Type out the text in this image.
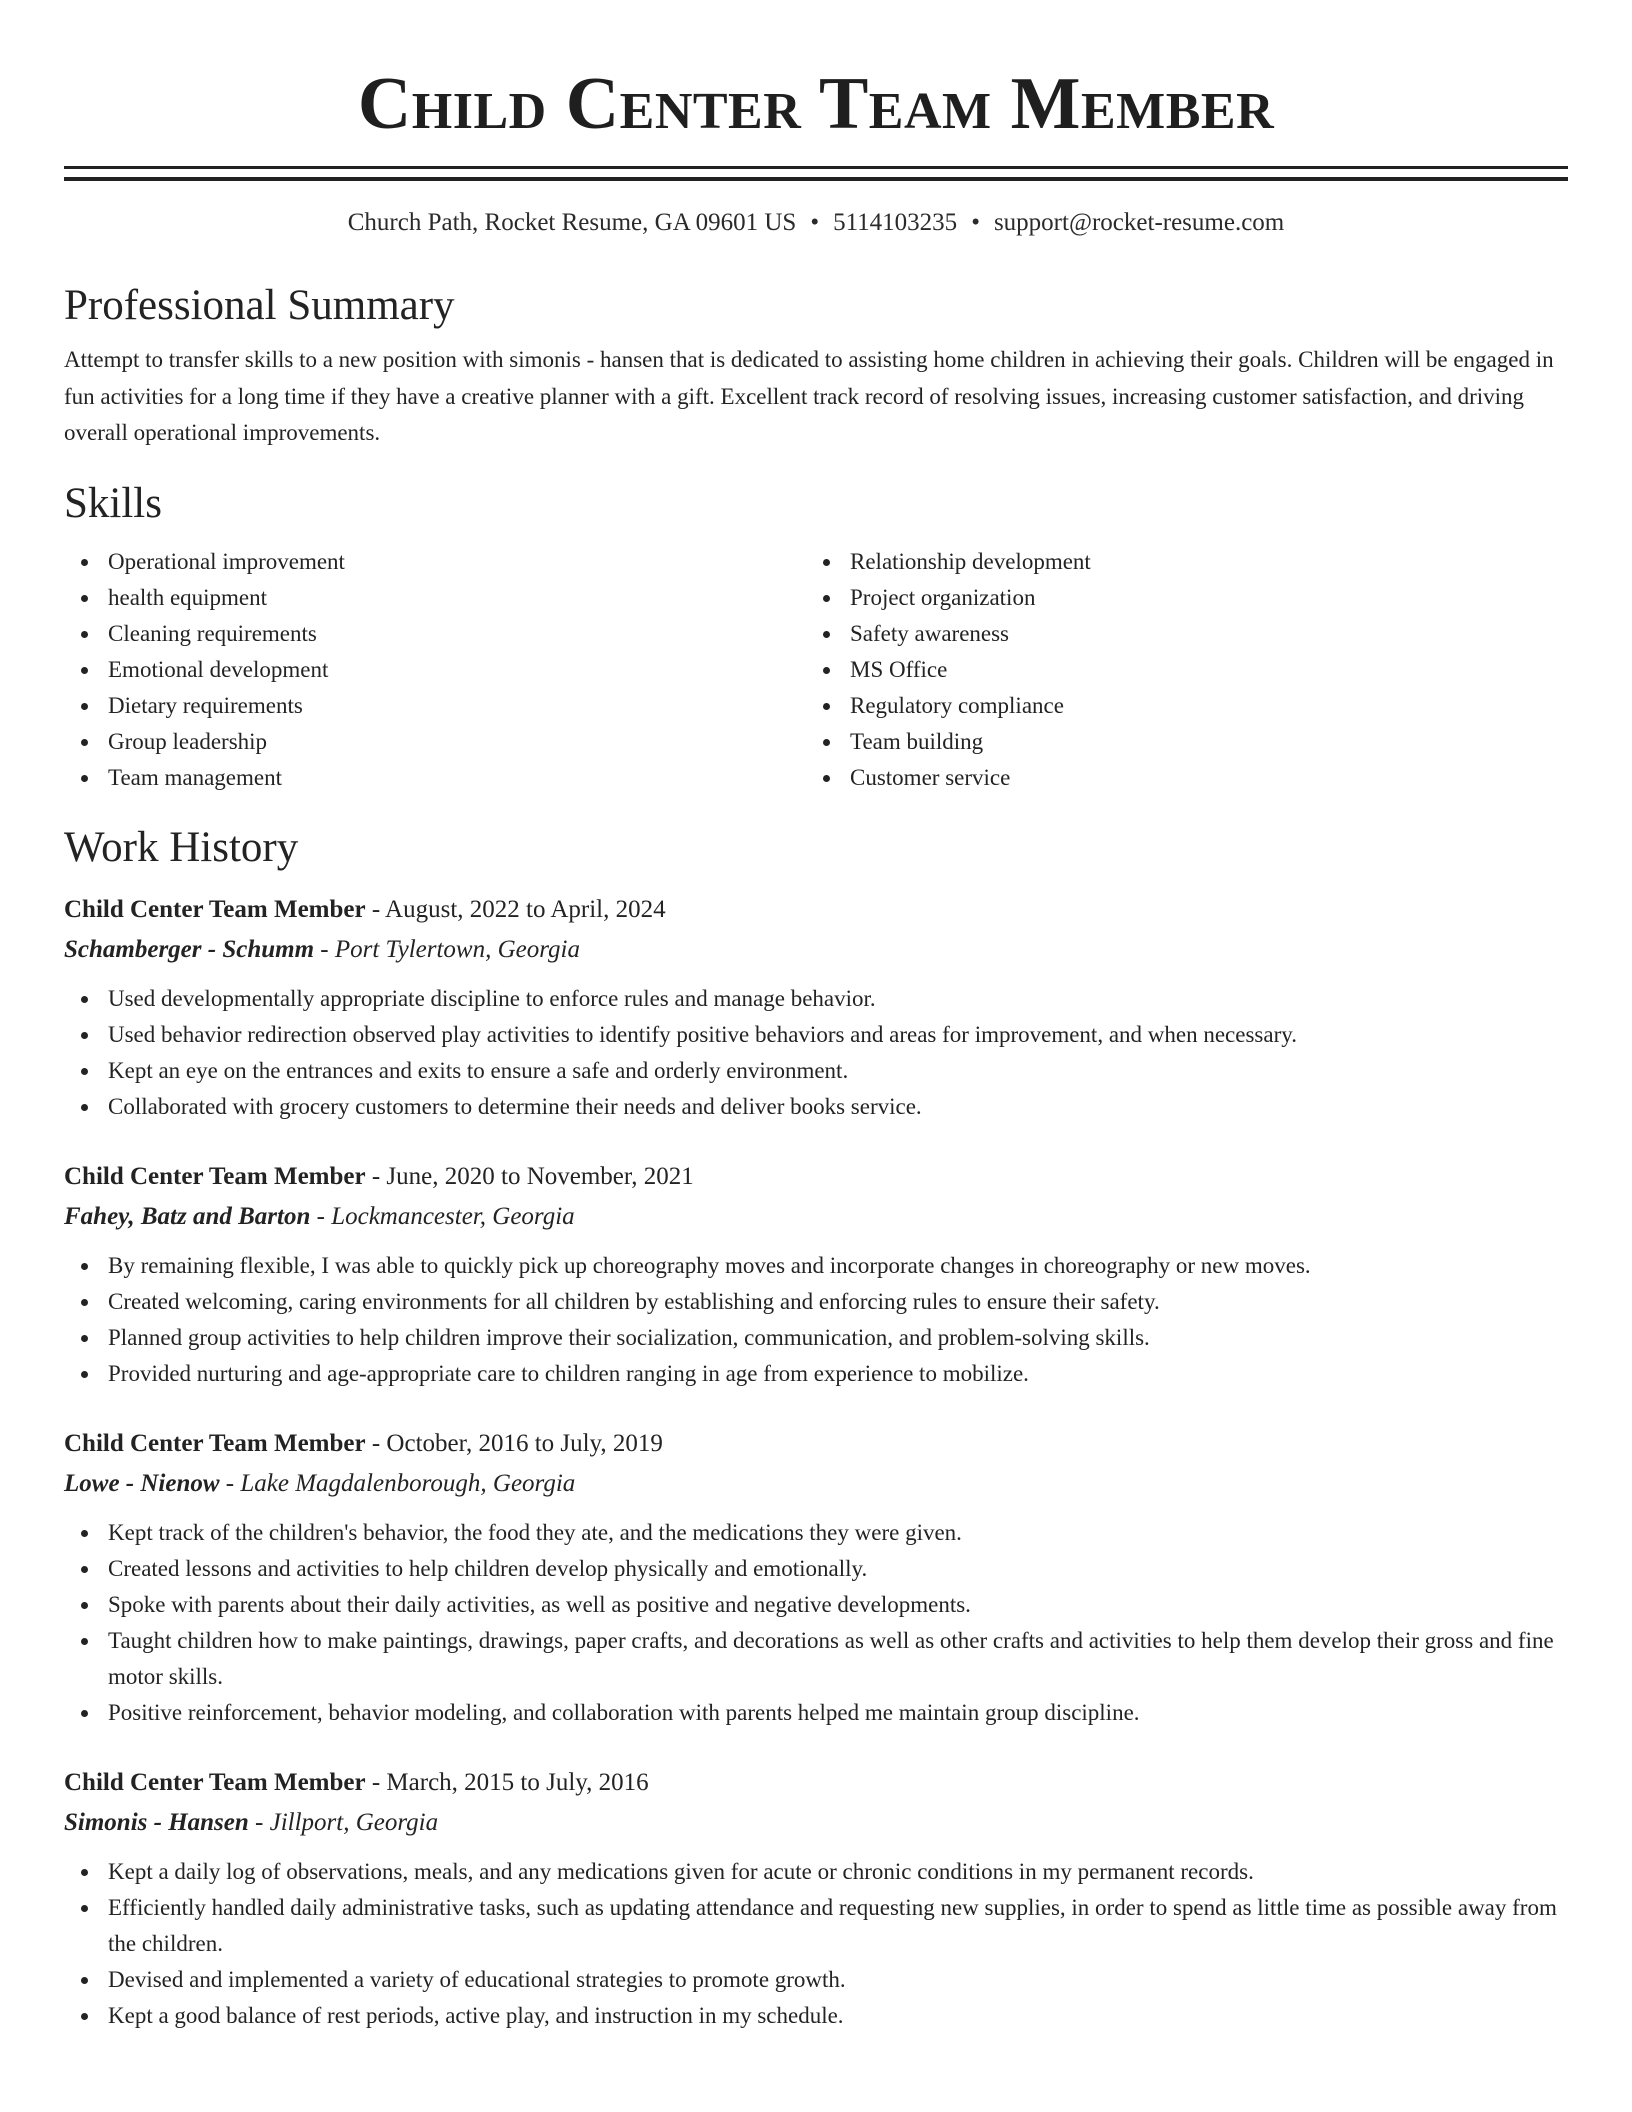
Child Center Team Member
Church Path, Rocket Resume, GA 09601 US • 5114103235 • support@rocket-resume.com
Professional Summary

Attempt to transfer skills to a new position with simonis - hansen that is dedicated to assisting home children in achieving their goals. Children will be engaged in fun activities for a long time if they have a creative planner with a gift. Excellent track record of resolving issues, increasing customer satisfaction, and driving overall operational improvements.

Skills
Operational improvement
health equipment
Cleaning requirements
Emotional development
Dietary requirements
Group leadership
Team management
Relationship development
Project organization
Safety awareness
MS Office
Regulatory compliance
Team building
Customer service
Work History
Child Center Team Member - August, 2022 to April, 2024
Schamberger - Schumm - Port Tylertown, Georgia
Used developmentally appropriate discipline to enforce rules and manage behavior.
Used behavior redirection observed play activities to identify positive behaviors and areas for improvement, and when necessary.
Kept an eye on the entrances and exits to ensure a safe and orderly environment.
Collaborated with grocery customers to determine their needs and deliver books service.
Child Center Team Member - June, 2020 to November, 2021
Fahey, Batz and Barton - Lockmancester, Georgia
By remaining flexible, I was able to quickly pick up choreography moves and incorporate changes in choreography or new moves.
Created welcoming, caring environments for all children by establishing and enforcing rules to ensure their safety.
Planned group activities to help children improve their socialization, communication, and problem-solving skills.
Provided nurturing and age-appropriate care to children ranging in age from experience to mobilize.
Child Center Team Member - October, 2016 to July, 2019
Lowe - Nienow - Lake Magdalenborough, Georgia
Kept track of the children's behavior, the food they ate, and the medications they were given.
Created lessons and activities to help children develop physically and emotionally.
Spoke with parents about their daily activities, as well as positive and negative developments.
Taught children how to make paintings, drawings, paper crafts, and decorations as well as other crafts and activities to help them develop their gross and fine motor skills.
Positive reinforcement, behavior modeling, and collaboration with parents helped me maintain group discipline.
Child Center Team Member - March, 2015 to July, 2016
Simonis - Hansen - Jillport, Georgia
Kept a daily log of observations, meals, and any medications given for acute or chronic conditions in my permanent records.
Efficiently handled daily administrative tasks, such as updating attendance and requesting new supplies, in order to spend as little time as possible away from the children.
Devised and implemented a variety of educational strategies to promote growth.
Kept a good balance of rest periods, active play, and instruction in my schedule.
